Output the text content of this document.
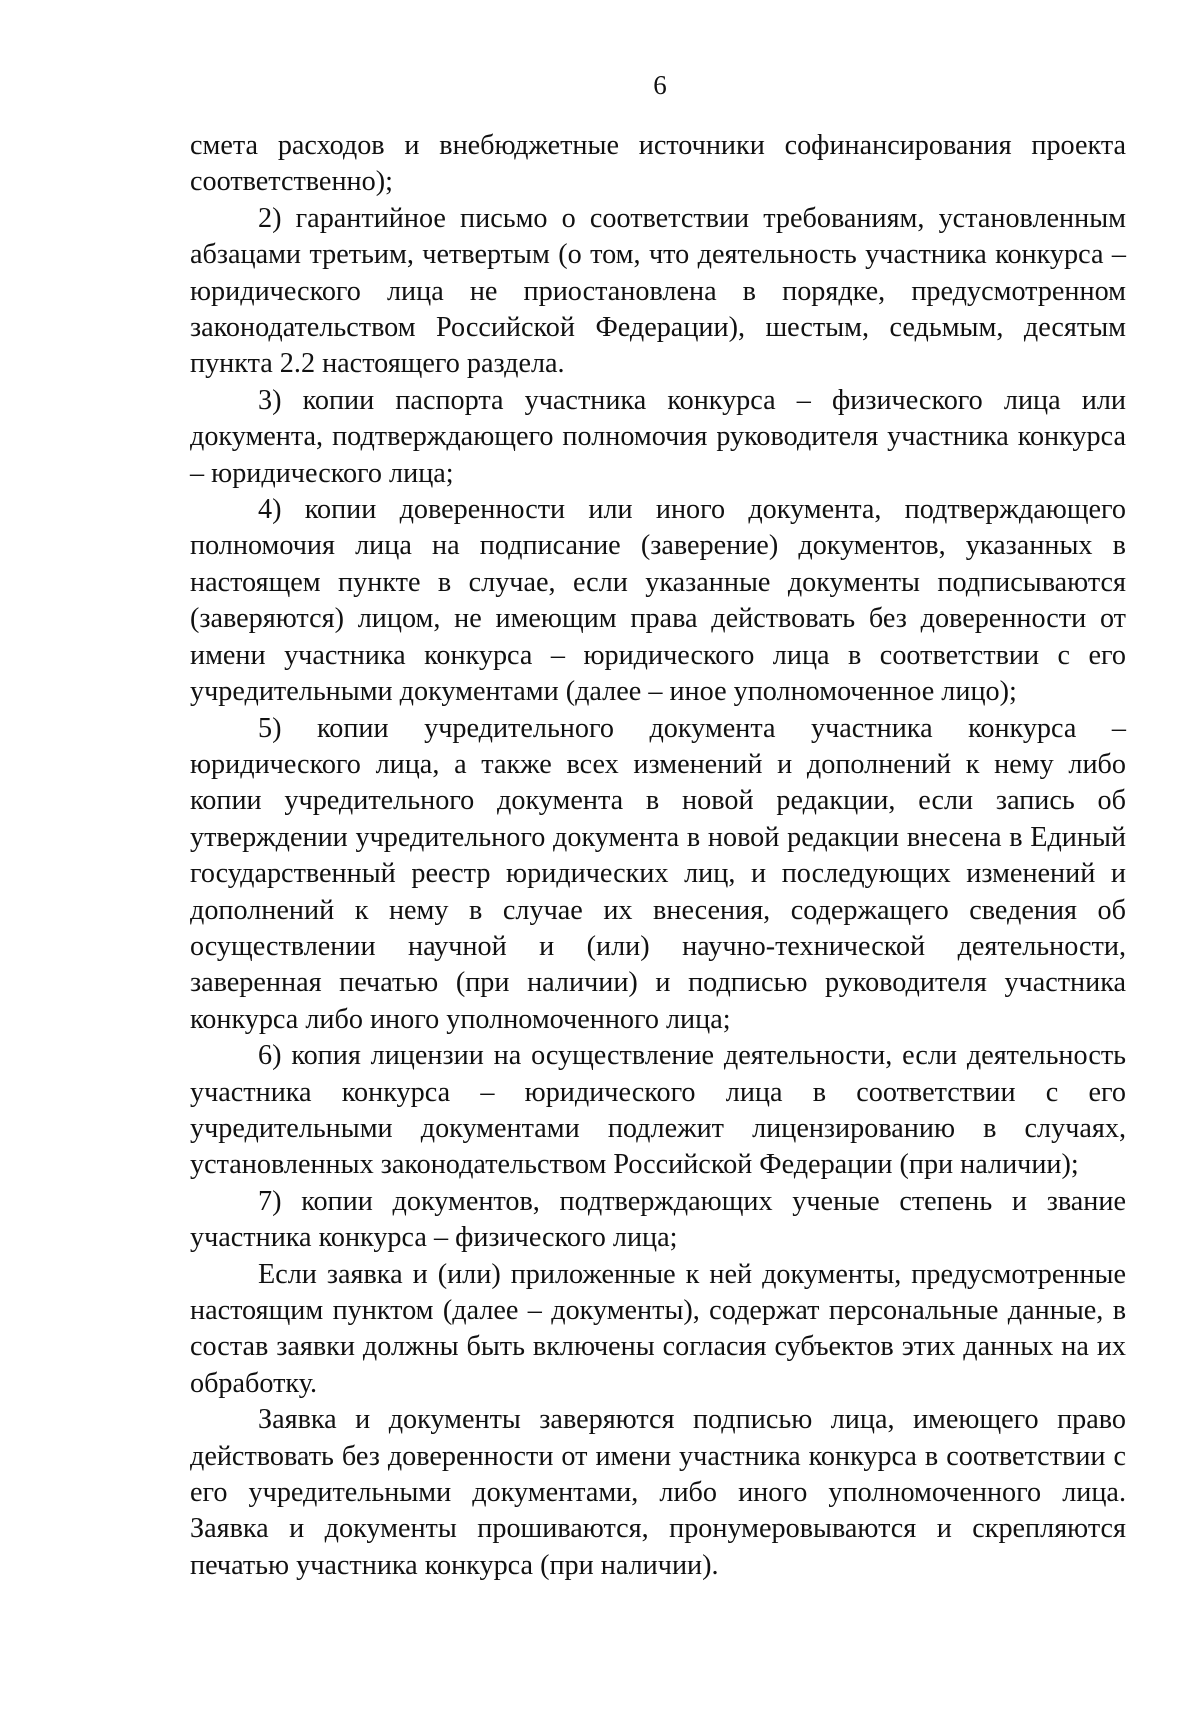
6

смета расходов и внебюджетные источники софинансирования проекта соответственно);

2) гарантийное письмо о соответствии требованиям, установленным абзацами третьим, четвертым (о том, что деятельность участника конкурса – юридического лица не приостановлена в порядке, предусмотренном законодательством Российской Федерации), шестым, седьмым, десятым пункта 2.2 настоящего раздела.

3) копии паспорта участника конкурса – физического лица или документа, подтверждающего полномочия руководителя участника конкурса – юридического лица;

4) копии доверенности или иного документа, подтверждающего полномочия лица на подписание (заверение) документов, указанных в настоящем пункте в случае, если указанные документы подписываются (заверяются) лицом, не имеющим права действовать без доверенности от имени участника конкурса – юридического лица в соответствии с его учредительными документами (далее – иное уполномоченное лицо);

5) копии учредительного документа участника конкурса – юридического лица, а также всех изменений и дополнений к нему либо копии учредительного документа в новой редакции, если запись об утверждении учредительного документа в новой редакции внесена в Единый государственный реестр юридических лиц, и последующих изменений и дополнений к нему в случае их внесения, содержащего сведения об осуществлении научной и (или) научно-технической деятельности, заверенная печатью (при наличии) и подписью руководителя участника конкурса либо иного уполномоченного лица;

6) копия лицензии на осуществление деятельности, если деятельность участника конкурса – юридического лица в соответствии с его учредительными документами подлежит лицензированию в случаях, установленных законодательством Российской Федерации (при наличии);

7) копии документов, подтверждающих ученые степень и звание участника конкурса – физического лица;

Если заявка и (или) приложенные к ней документы, предусмотренные настоящим пунктом (далее – документы), содержат персональные данные, в состав заявки должны быть включены согласия субъектов этих данных на их обработку.

Заявка и документы заверяются подписью лица, имеющего право действовать без доверенности от имени участника конкурса в соответствии с его учредительными документами, либо иного уполномоченного лица. Заявка и документы прошиваются, пронумеровываются и скрепляются печатью участника конкурса (при наличии).
